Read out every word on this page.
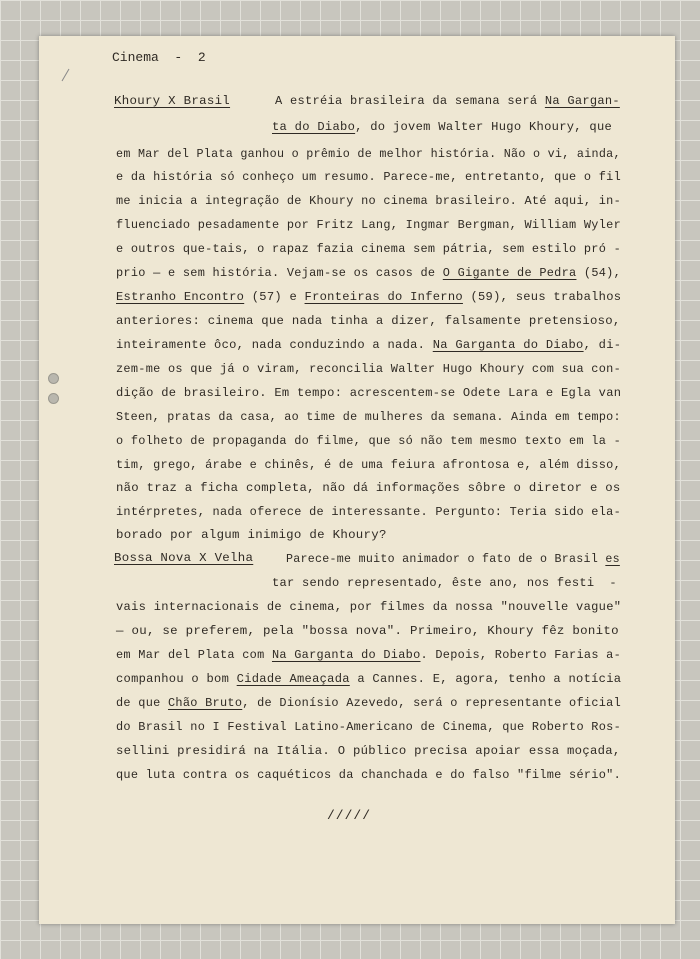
Cinema  -  2
Khoury X Brasil	A estréia brasileira da semana será Na Gargan-
ta do Diabo, do jovem Walter Hugo Khoury, que
em Mar del Plata ganhou o prêmio de melhor história. Não o vi, ainda,
e da história só conheço um resumo. Parece-me, entretanto, que o fil
me inicia a integração de Khoury no cinema brasileiro. Até aqui, in-
fluenciado pesadamente por Fritz Lang, Ingmar Bergman, William Wyler
e outros que-tais, o rapaz fazia cinema sem pátria, sem estilo pró -
prio — e sem história. Vejam-se os casos de O Gigante de Pedra (54),
Estranho Encontro (57) e Fronteiras do Inferno (59), seus trabalhos
anteriores: cinema que nada tinha a dizer, falsamente pretensioso,
inteiramente ôco, nada conduzindo a nada. Na Garganta do Diabo, di-
zem-me os que já o viram, reconcilia Walter Hugo Khoury com sua con-
dição de brasileiro. Em tempo: acrescentem-se Odete Lara e Egla van
Steen, pratas da casa, ao time de mulheres da semana. Ainda em tempo:
o folheto de propaganda do filme, que só não tem mesmo texto em la -
tim, grego, árabe e chinês, é de uma feiura afrontosa e, além disso,
não traz a ficha completa, não dá informações sôbre o diretor e os
intérpretes, nada oferece de interessante. Pergunto: Teria sido ela-
borado por algum inimigo de Khoury?
Bossa Nova X Velha	Parece-me muito animador o fato de o Brasil es
tar sendo representado, êste ano, nos festi  -
vais internacionais de cinema, por filmes da nossa "nouvelle vague"
— ou, se preferem, pela "bossa nova". Primeiro, Khoury fêz bonito
em Mar del Plata com Na Garganta do Diabo. Depois, Roberto Farias a-
companhou o bom Cidade Ameaçada a Cannes. E, agora, tenho a notícia
de que Chão Bruto, de Dionísio Azevedo, será o representante oficial
do Brasil no I Festival Latino-Americano de Cinema, que Roberto Ros-
sellini presidirá na Itália. O público precisa apoiar essa moçada,
que luta contra os caquéticos da chanchada e do falso "filme sério".
/////
